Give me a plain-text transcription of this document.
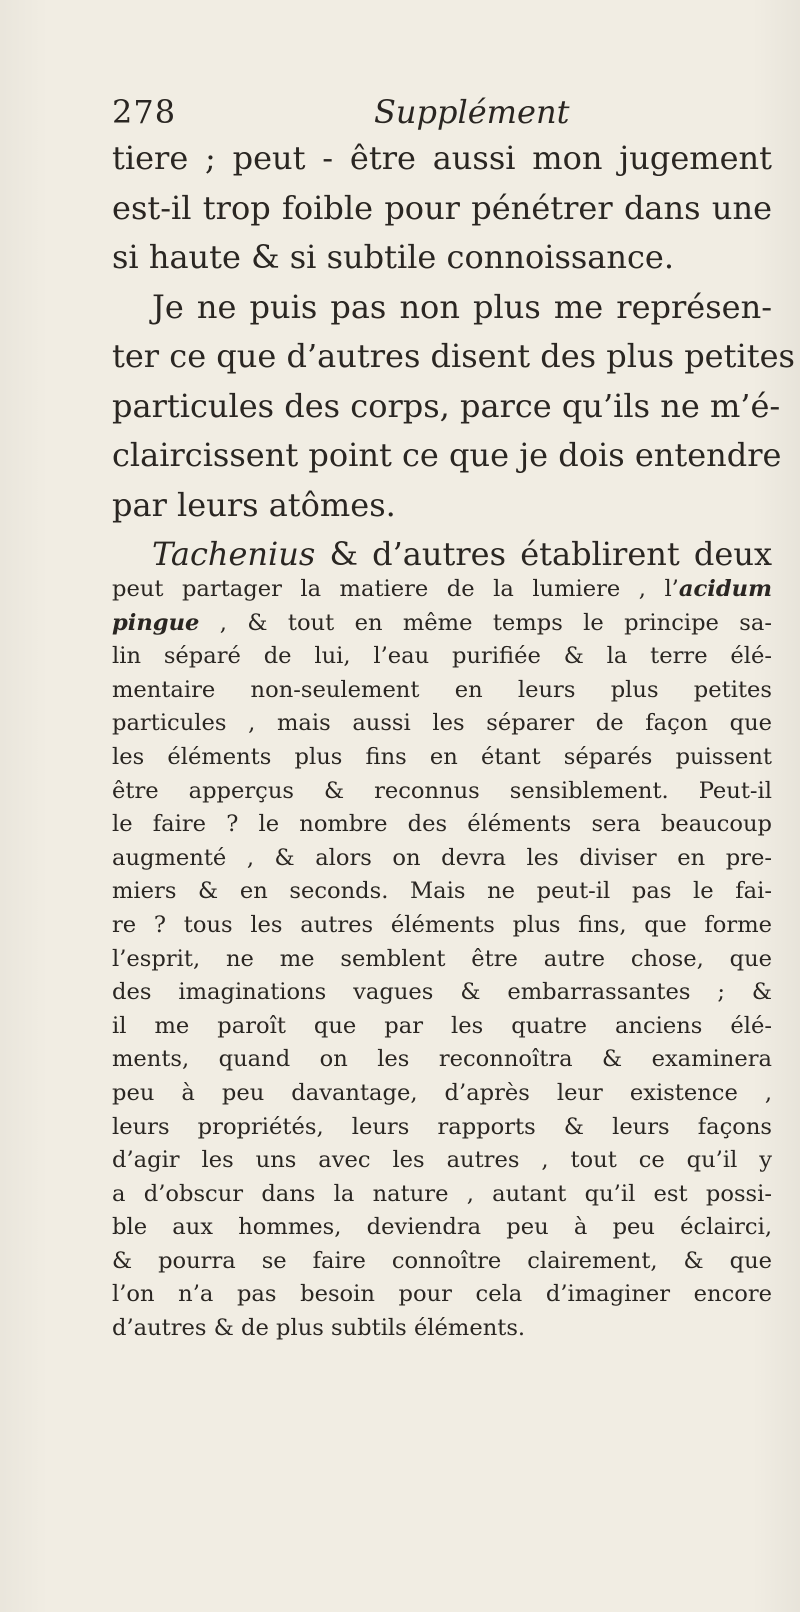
278	Supplément
tiere ; peut - être aussi mon jugement
est-il trop foible pour pénétrer dans une
si haute & si subtile connoissance.
Je ne puis pas non plus me représen-
ter ce que d’autres disent des plus petites
particules des corps, parce qu’ils ne m’é-
claircissent point ce que je dois entendre
par leurs atômes.
Tachenius & d’autres établirent deux
peut partager la matiere de la lumiere , l’acidum
pingue , & tout en même temps le principe sa-
lin séparé de lui, l’eau purifiée & la terre élé-
mentaire non-seulement en leurs plus petites
particules , mais aussi les séparer de façon que
les éléments plus fins en étant séparés puissent
être apperçus & reconnus sensiblement. Peut-il
le faire ? le nombre des éléments sera beaucoup
augmenté , & alors on devra les diviser en pre-
miers & en seconds. Mais ne peut-il pas le fai-
re ? tous les autres éléments plus fins, que forme
l’esprit, ne me semblent être autre chose, que
des imaginations vagues & embarrassantes ; &
il me paroît que par les quatre anciens élé-
ments, quand on les reconnoîtra & examinera
peu à peu davantage, d’après leur existence ,
leurs propriétés, leurs rapports & leurs façons
d’agir les uns avec les autres , tout ce qu’il y
a d’obscur dans la nature , autant qu’il est possi-
ble aux hommes, deviendra peu à peu éclairci,
& pourra se faire connoître clairement, & que
l’on n’a pas besoin pour cela d’imaginer encore
d’autres & de plus subtils éléments.
